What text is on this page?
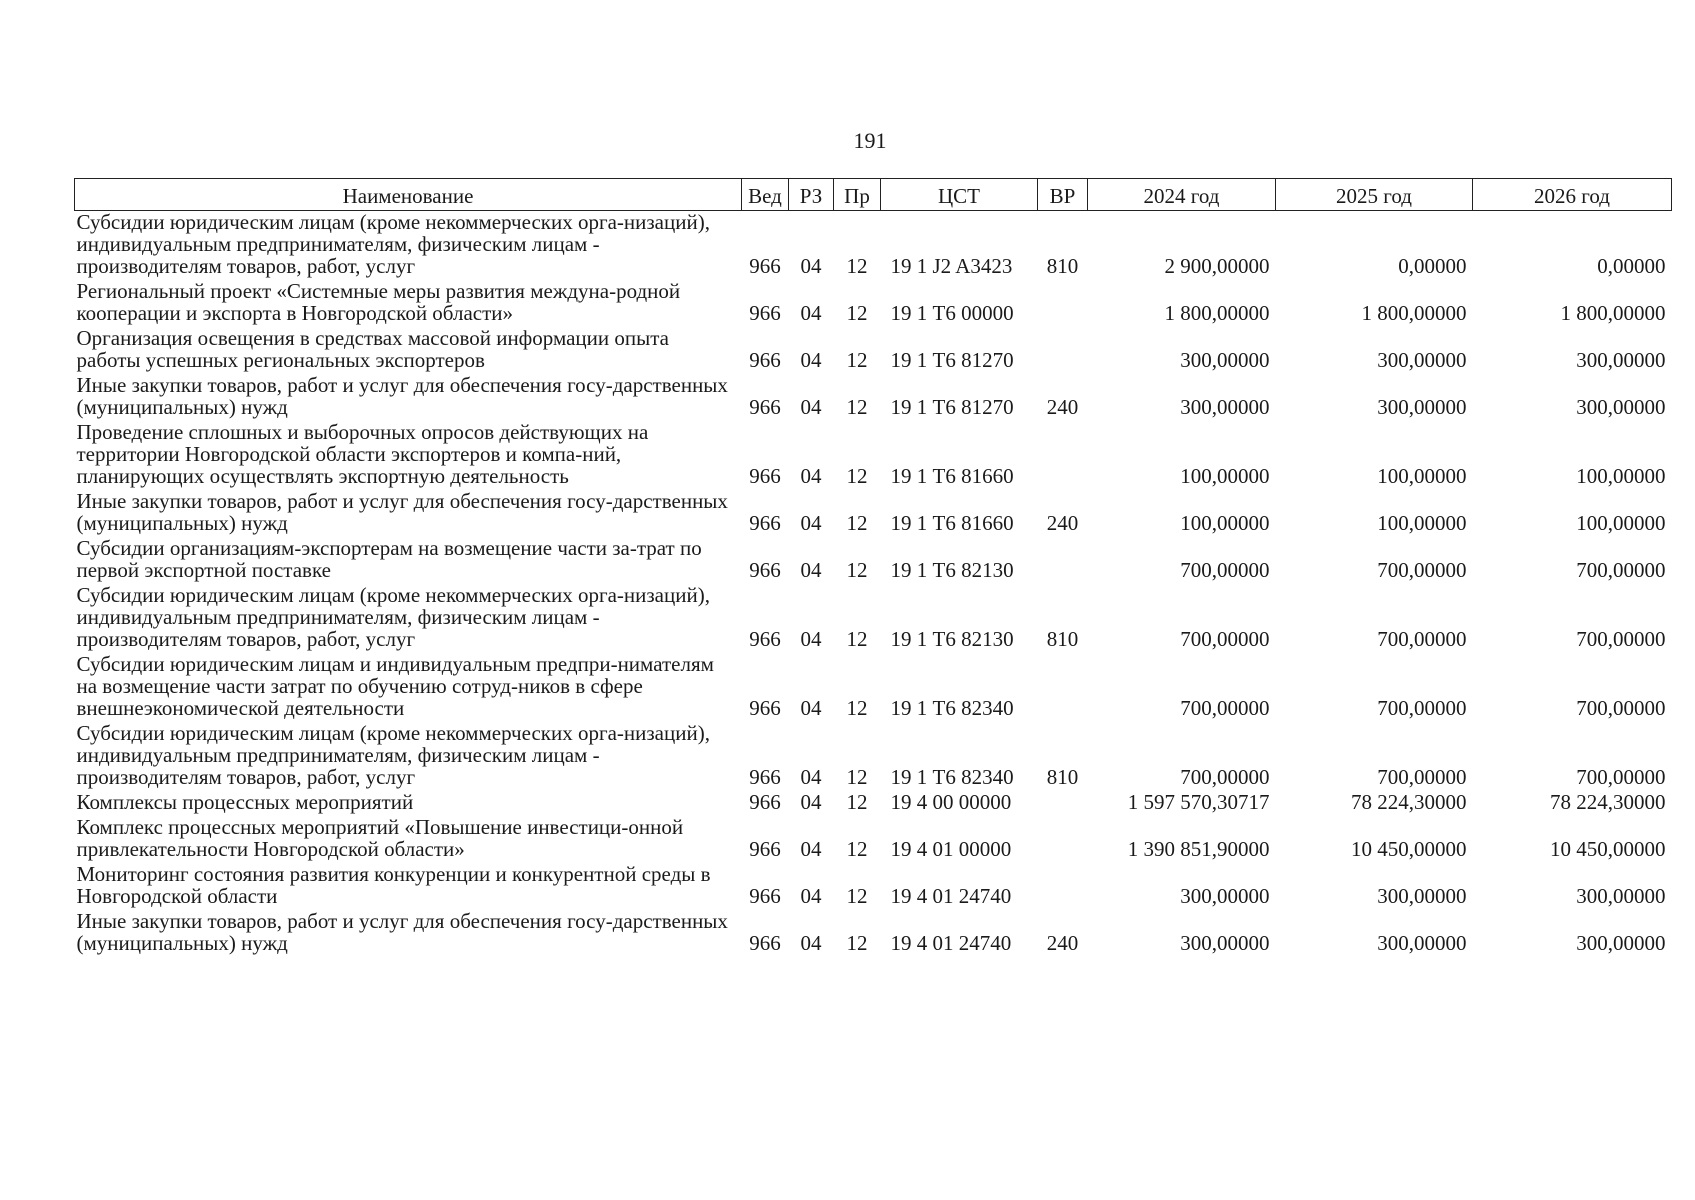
191
Наименование	Вед	РЗ	Пр	ЦСТ	ВР	2024 год	2025 год	2026 год
Субсидии юридическим лицам (кроме некоммерческих орга-низаций), индивидуальным предпринимателям, физическим лицам - производителям товаров, работ, услуг	966	04	12	19 1 J2 A3423	810	2 900,00000	0,00000	0,00000
Региональный проект «Системные меры развития междуна-родной кооперации и экспорта в Новгородской области»	966	04	12	19 1 Т6 00000		1 800,00000	1 800,00000	1 800,00000
Организация освещения в средствах массовой информации опыта работы успешных региональных экспортеров	966	04	12	19 1 Т6 81270		300,00000	300,00000	300,00000
Иные закупки товаров, работ и услуг для обеспечения госу-дарственных (муниципальных) нужд	966	04	12	19 1 Т6 81270	240	300,00000	300,00000	300,00000
Проведение сплошных и выборочных опросов действующих на территории Новгородской области экспортеров и компа-ний, планирующих осуществлять экспортную деятельность	966	04	12	19 1 Т6 81660		100,00000	100,00000	100,00000
Иные закупки товаров, работ и услуг для обеспечения госу-дарственных (муниципальных) нужд	966	04	12	19 1 Т6 81660	240	100,00000	100,00000	100,00000
Субсидии организациям-экспортерам на возмещение части за-трат по первой экспортной поставке	966	04	12	19 1 Т6 82130		700,00000	700,00000	700,00000
Субсидии юридическим лицам (кроме некоммерческих орга-низаций), индивидуальным предпринимателям, физическим лицам - производителям товаров, работ, услуг	966	04	12	19 1 Т6 82130	810	700,00000	700,00000	700,00000
Субсидии юридическим лицам и индивидуальным предпри-нимателям на возмещение части затрат по обучению сотруд-ников в сфере внешнеэкономической деятельности	966	04	12	19 1 Т6 82340		700,00000	700,00000	700,00000
Субсидии юридическим лицам (кроме некоммерческих орга-низаций), индивидуальным предпринимателям, физическим лицам - производителям товаров, работ, услуг	966	04	12	19 1 Т6 82340	810	700,00000	700,00000	700,00000
Комплексы процессных мероприятий	966	04	12	19 4 00 00000		1 597 570,30717	78 224,30000	78 224,30000
Комплекс процессных мероприятий «Повышение инвестици-онной привлекательности Новгородской области»	966	04	12	19 4 01 00000		1 390 851,90000	10 450,00000	10 450,00000
Мониторинг состояния развития конкуренции и конкурентной среды в Новгородской области	966	04	12	19 4 01 24740		300,00000	300,00000	300,00000
Иные закупки товаров, работ и услуг для обеспечения госу-дарственных (муниципальных) нужд	966	04	12	19 4 01 24740	240	300,00000	300,00000	300,00000
